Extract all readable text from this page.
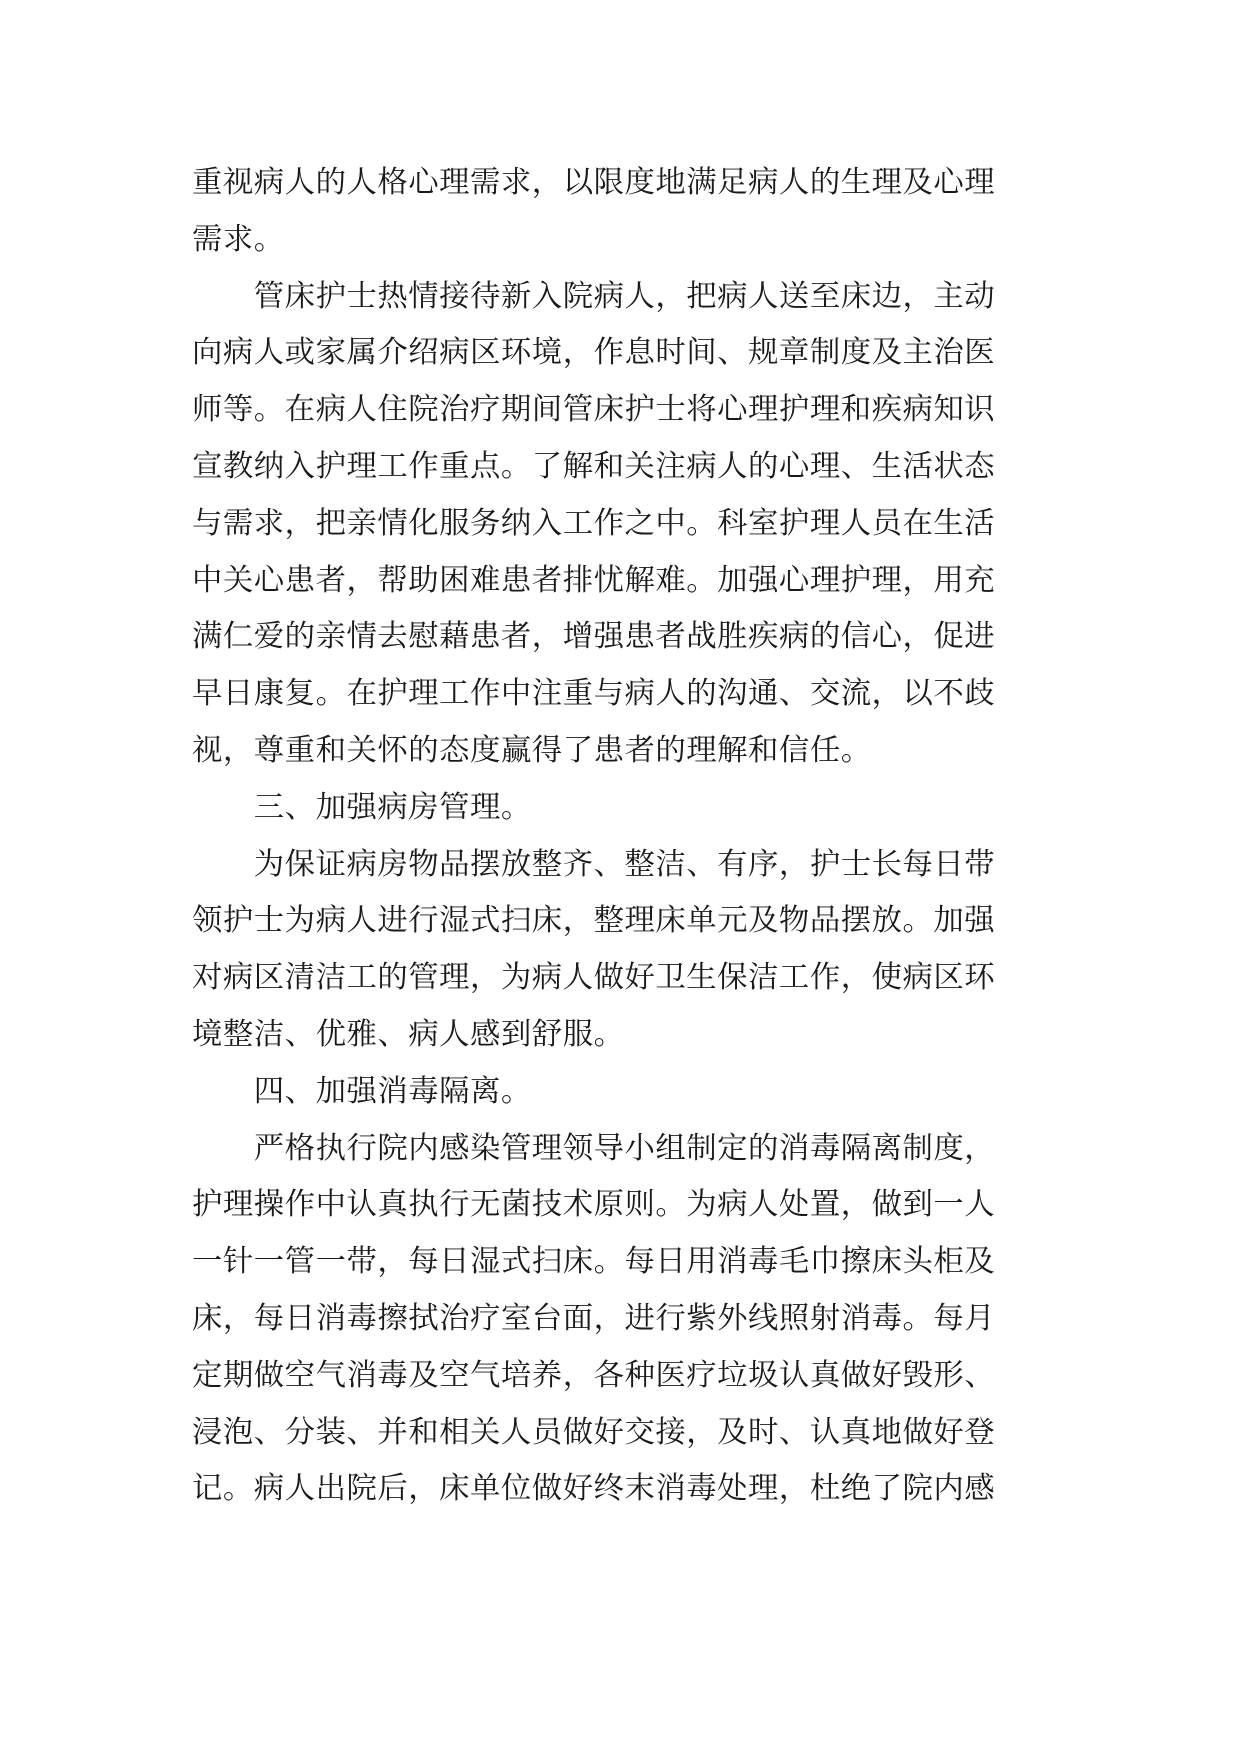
重视病人的人格心理需求，以限度地满足病人的生理及心理
需求。
　　管床护士热情接待新入院病人，把病人送至床边，主动
向病人或家属介绍病区环境，作息时间、规章制度及主治医
师等。在病人住院治疗期间管床护士将心理护理和疾病知识
宣教纳入护理工作重点。了解和关注病人的心理、生活状态
与需求，把亲情化服务纳入工作之中。科室护理人员在生活
中关心患者，帮助困难患者排忧解难。加强心理护理，用充
满仁爱的亲情去慰藉患者，增强患者战胜疾病的信心，促进
早日康复。在护理工作中注重与病人的沟通、交流，以不歧
视，尊重和关怀的态度赢得了患者的理解和信任。
　　三、加强病房管理。
　　为保证病房物品摆放整齐、整洁、有序，护士长每日带
领护士为病人进行湿式扫床，整理床单元及物品摆放。加强
对病区清洁工的管理，为病人做好卫生保洁工作，使病区环
境整洁、优雅、病人感到舒服。
　　四、加强消毒隔离。
　　严格执行院内感染管理领导小组制定的消毒隔离制度，
护理操作中认真执行无菌技术原则。为病人处置，做到一人
一针一管一带，每日湿式扫床。每日用消毒毛巾擦床头柜及
床，每日消毒擦拭治疗室台面，进行紫外线照射消毒。每月
定期做空气消毒及空气培养，各种医疗垃圾认真做好毁形、
浸泡、分装、并和相关人员做好交接，及时、认真地做好登
记。病人出院后，床单位做好终末消毒处理，杜绝了院内感
